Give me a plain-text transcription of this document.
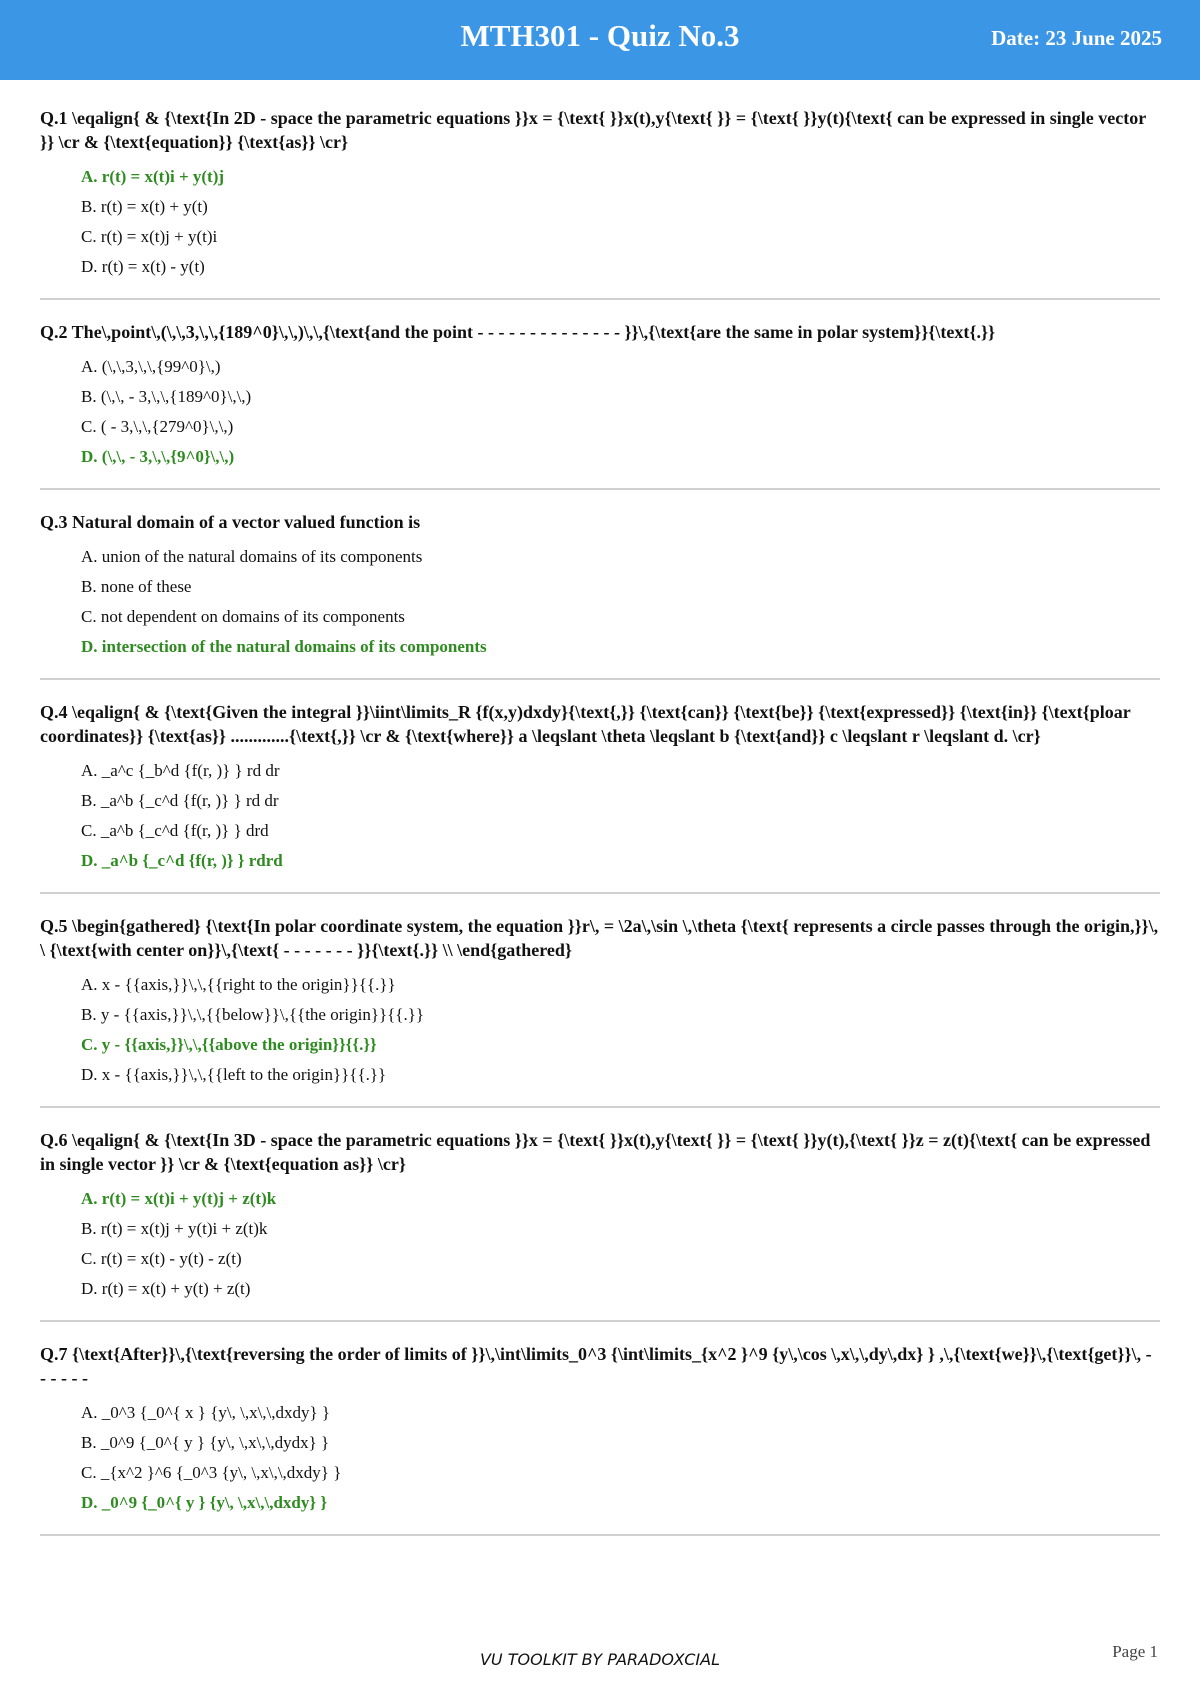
MTH301 - Quiz No.3	Date: 23 June 2025
Q.1 \eqalign{ & {\text{In 2D - space the parametric equations }}x = {\text{ }}x(t),y{\text{ }} = {\text{ }}y(t){\text{ can be expressed in single vector }} \cr & {\text{equation}} {\text{as}} \cr}
A. r(t) = x(t)i + y(t)j
B. r(t) = x(t) + y(t)
C. r(t) = x(t)j + y(t)i
D. r(t) = x(t) - y(t)
Q.2 The\,point\,(\,\,3,\,\,{189^0}\,\,)\,\,{\text{and the point - - - - - - - - - - - - - - }}\,{\text{are the same in polar system}}{\text{.}}
A. (\,\,3,\,\,{99^0}\,)
B. (\,\, - 3,\,\,{189^0}\,\,)
C. ( - 3,\,\,{279^0}\,\,)
D. (\,\, - 3,\,\,{9^0}\,\,)
Q.3 Natural domain of a vector valued function is
A. union of the natural domains of its components
B. none of these
C. not dependent on domains of its components
D. intersection of the natural domains of its components
Q.4 \eqalign{ & {\text{Given the integral }}\iint\limits_R {f(x,y)dxdy}{\text{,}} {\text{can}} {\text{be}} {\text{expressed}} {\text{in}} {\text{ploar coordinates}} {\text{as}} .............{\text{,}} \cr & {\text{where}} a \leqslant \theta \leqslant b {\text{and}} c \leqslant r \leqslant d. \cr}
A. _a^c {_b^d {f(r, )} } rd dr
B. _a^b {_c^d {f(r, )} } rd dr
C. _a^b {_c^d {f(r, )} } drd
D. _a^b {_c^d {f(r, )} } rdrd
Q.5 \begin{gathered} {\text{In polar coordinate system, the equation }}r\, = \2a\,\sin \,\theta {\text{ represents a circle passes through the origin,}}\, \ {\text{with center on}}\,{\text{ - - - - - - - }}{\text{.}} \\ \end{gathered}
A. x - {{axis,}}\,\,{{right to the origin}}{{.}}
B. y - {{axis,}}\,\,{{below}}\,{{the origin}}{{.}}
C. y - {{axis,}}\,\,{{above the origin}}{{.}}
D. x - {{axis,}}\,\,{{left to the origin}}{{.}}
Q.6 \eqalign{ & {\text{In 3D - space the parametric equations }}x = {\text{ }}x(t),y{\text{ }} = {\text{ }}y(t),{\text{ }}z = z(t){\text{ can be expressed in single vector }} \cr & {\text{equation as}} \cr}
A. r(t) = x(t)i + y(t)j + z(t)k
B. r(t) = x(t)j + y(t)i + z(t)k
C. r(t) = x(t) - y(t) - z(t)
D. r(t) = x(t) + y(t) + z(t)
Q.7 {\text{After}}\,{\text{reversing the order of limits of }}\,\int\limits_0^3 {\int\limits_{x^2 }^9 {y\,\cos \,x\,\,dy\,dx} } ,\,{\text{we}}\,{\text{get}}\, - - - - - -
A. _0^3 {_0^{ x } {y\, \,x\,\,dxdy} }
B. _0^9 {_0^{ y } {y\, \,x\,\,dydx} }
C. _{x^2 }^6 {_0^3 {y\, \,x\,\,dxdy} }
D. _0^9 {_0^{ y } {y\, \,x\,\,dxdy} }
VU TOOLKIT BY PARADOXCIAL	Page 1
